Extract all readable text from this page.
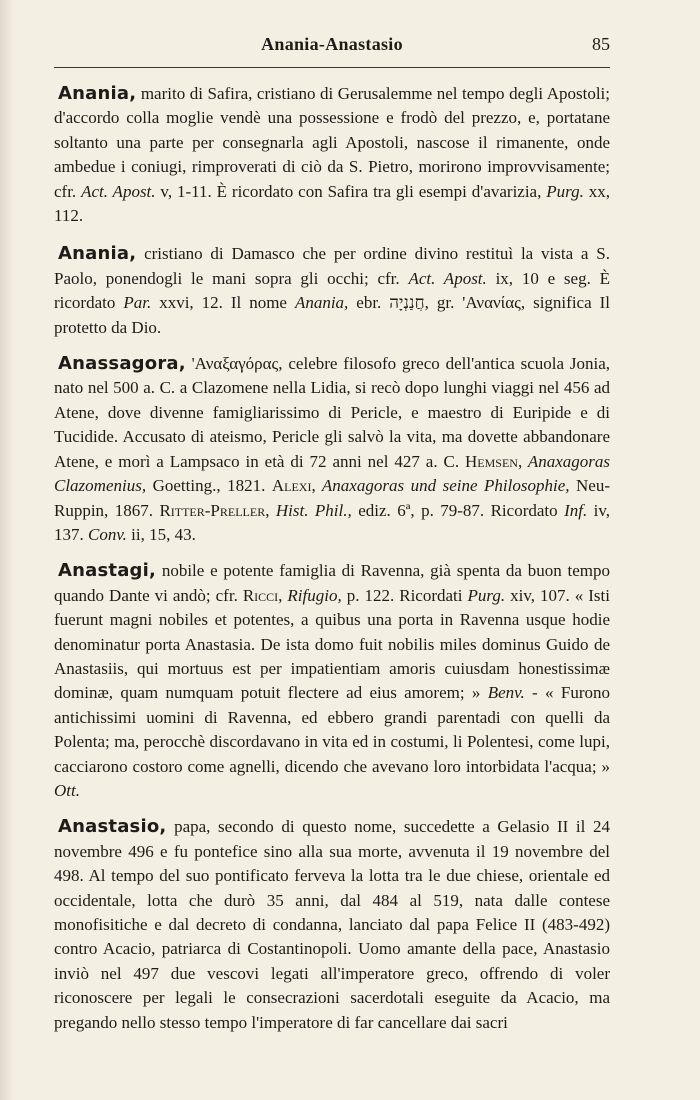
Anania-Anastasio	85

Anania, marito di Safira, cristiano di Gerusalemme nel tempo degli Apostoli; d'accordo colla moglie vendè una possessione e frodò del prezzo, e, portatane soltanto una parte per consegnarla agli Apostoli, nascose il rimanente, onde ambedue i coniugi, rimproverati di ciò da S. Pietro, morirono improvvisamente; cfr. Act. Apost. v, 1-11. È ricordato con Safira tra gli esempi d'avarizia, Purg. xx, 112.

Anania, cristiano di Damasco che per ordine divino restituì la vista a S. Paolo, ponendogli le mani sopra gli occhi; cfr. Act. Apost. ix, 10 e seg. È ricordato Par. xxvi, 12. Il nome Anania, ebr. חֲנַנְיָה, gr. 'Ανανίας, significa Il protetto da Dio.

Anassagora, 'Αναξαγόρας, celebre filosofo greco dell'antica scuola Jonia, nato nel 500 a. C. a Clazomene nella Lidia, si recò dopo lunghi viaggi nel 456 ad Atene, dove divenne famigliarissimo di Pericle, e maestro di Euripide e di Tucidide. Accusato di ateismo, Pericle gli salvò la vita, ma dovette abbandonare Atene, e morì a Lampsaco in età di 72 anni nel 427 a. C. Hemsen, Anaxagoras Clazomenius, Goetting., 1821. Alexi, Anaxagoras und seine Philosophie, Neu-Ruppin, 1867. Ritter-Preller, Hist. Phil., ediz. 6ª, p. 79-87. Ricordato Inf. iv, 137. Conv. ii, 15, 43.

Anastagi, nobile e potente famiglia di Ravenna, già spenta da buon tempo quando Dante vi andò; cfr. Ricci, Rifugio, p. 122. Ricordati Purg. xiv, 107. « Isti fuerunt magni nobiles et potentes, a quibus una porta in Ravenna usque hodie denominatur porta Anastasia. De ista domo fuit nobilis miles dominus Guido de Anastasiis, qui mortuus est per impatientiam amoris cuiusdam honestissimæ dominæ, quam numquam potuit flectere ad eius amorem; » Benv. - « Furono antichissimi uomini di Ravenna, ed ebbero grandi parentadi con quelli da Polenta; ma, perocchè discordavano in vita ed in costumi, li Polentesi, come lupi, cacciarono costoro come agnelli, dicendo che avevano loro intorbidata l'acqua; » Ott.

Anastasio, papa, secondo di questo nome, succedette a Gelasio II il 24 novembre 496 e fu pontefice sino alla sua morte, avvenuta il 19 novembre del 498. Al tempo del suo pontificato ferveva la lotta tra le due chiese, orientale ed occidentale, lotta che durò 35 anni, dal 484 al 519, nata dalle contese monofisitiche e dal decreto di condanna, lanciato dal papa Felice II (483-492) contro Acacio, patriarca di Costantinopoli. Uomo amante della pace, Anastasio inviò nel 497 due vescovi legati all'imperatore greco, offrendo di voler riconoscere per legali le consecrazioni sacerdotali eseguite da Acacio, ma pregando nello stesso tempo l'imperatore di far cancellare dai sacri
